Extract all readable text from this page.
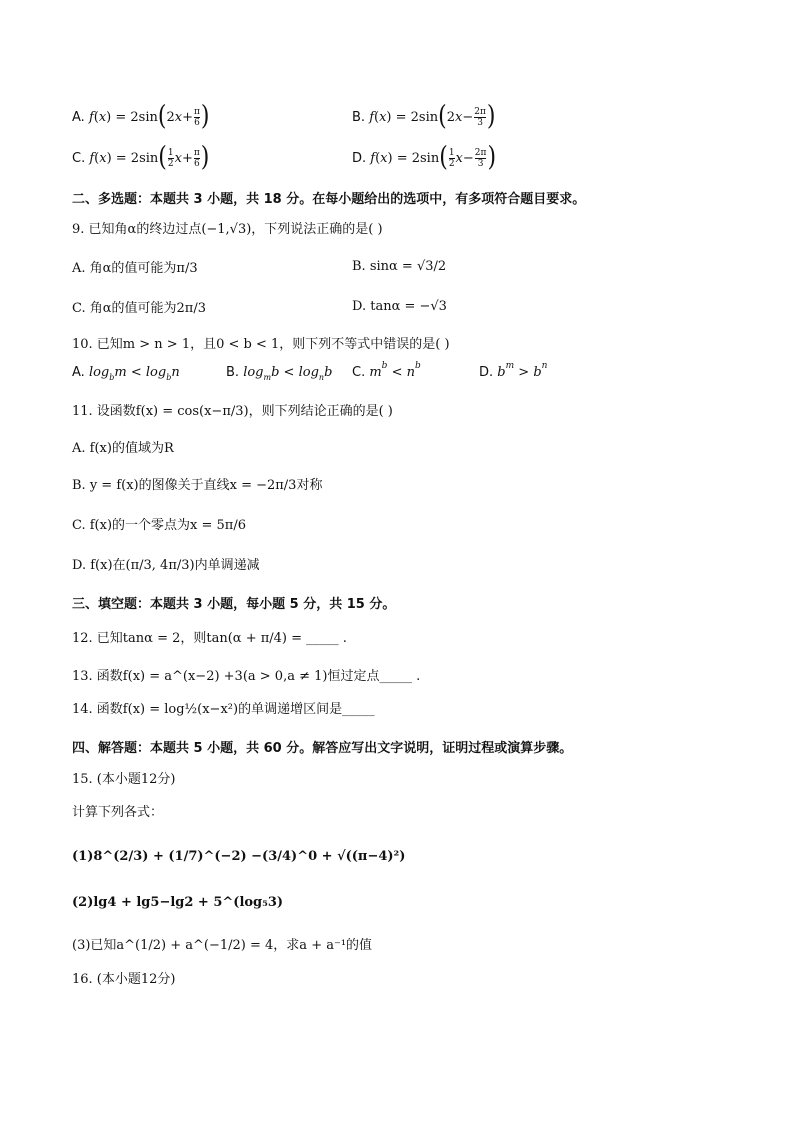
A. f ( x ) = 2sin ( 2 $x + \frac{\pi}{6}$ )	B. f ( x ) = 2sin ( 2 $x - \frac{2\pi}{3}$ )
C. f ( x ) = 2sin ( $\frac{1}{2}$ $x + \frac{\pi}{6}$ )	D. f ( x ) = 2sin ( $\frac{1}{2}$ $x - \frac{2\pi}{3}$ )
二、多选题：本题共 3 小题，共 18 分。在每小题给出的选项中，有多项符合题目要求。
9. 已知角α的终边过点(−1,√3)，下列说法正确的是( )
A. 角α的值可能为π/3	B. sinα = √3/2
C. 角α的值可能为2π/3	D. tanα = −√3
10. 已知m > n > 1，且0 < b < 1，则下列不等式中错误的是( )
A. log b m < log b n	B. log m b < log n b C. m b < n b	D. b m > b n
11. 设函数f(x) = cos(x−π/3)，则下列结论正确的是( )
A. f(x)的值域为R
B. y = f(x)的图像关于直线x = −2π/3对称
C. f(x)的一个零点为x = 5π/6
D. f(x)在(π/3, 4π/3)内单调递减
三、填空题：本题共 3 小题，每小题 5 分，共 15 分。
12. 已知tanα = 2，则tan(α + π/4) = _____ .
13. 函数f(x) = a^(x−2) +3(a > 0,a ≠ 1)恒过定点_____ .
14. 函数f(x) = log½(x−x²)的单调递增区间是_____
四、解答题：本题共 5 小题，共 60 分。解答应写出文字说明，证明过程或演算步骤。
15. (本小题12分)
计算下列各式：
(1)8^(2/3) + (1/7)^(−2) −(3/4)^0 + √((π−4)²)
(2)lg4 + lg5−lg2 + 5^(log₅3)
(3)已知a^(1/2) + a^(−1/2) = 4，求a + a⁻¹的值
16. (本小题12分)
